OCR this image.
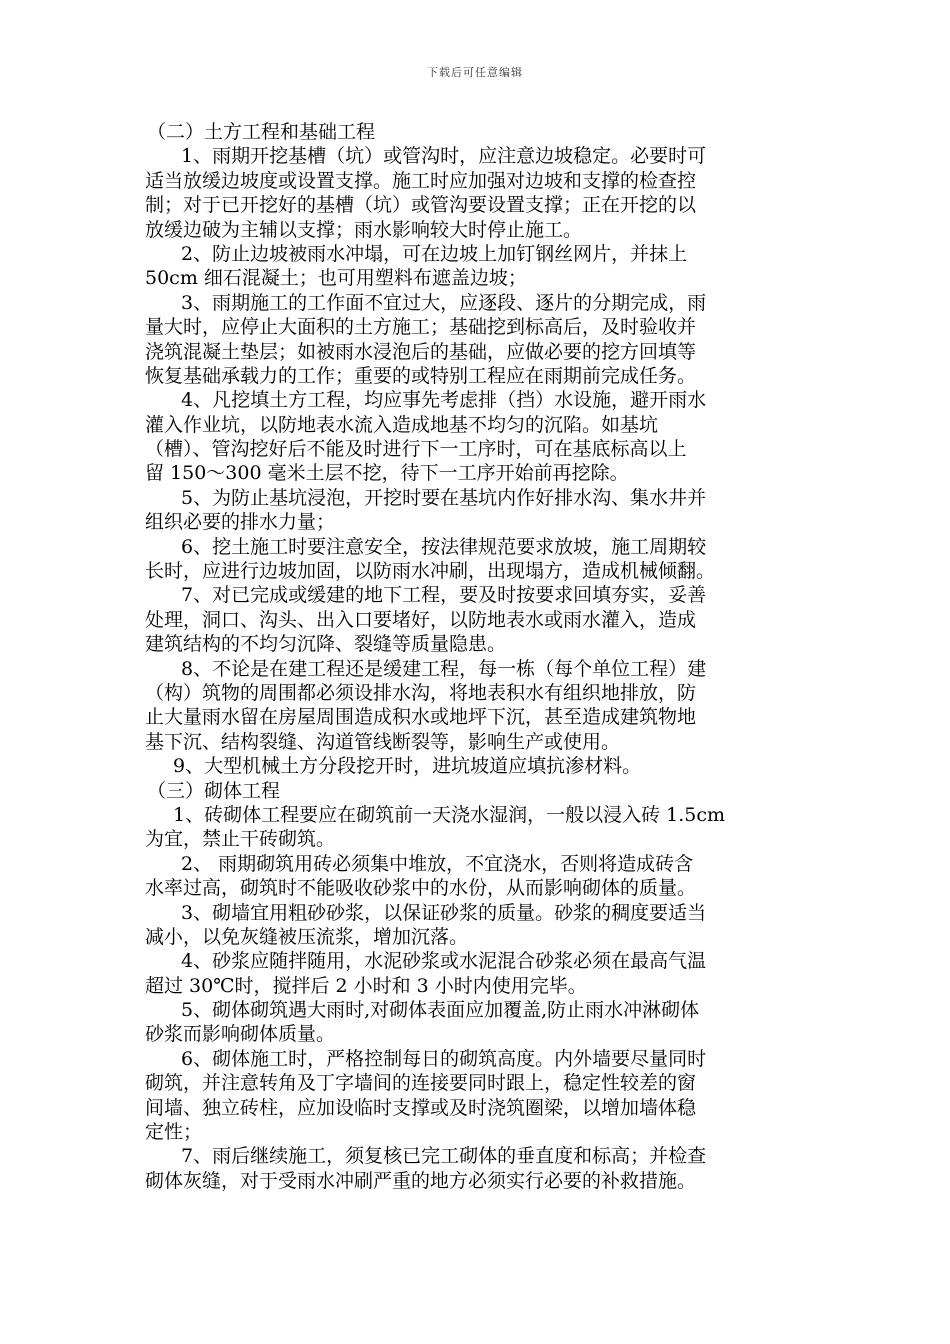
下载后可任意编辑
（二）土方工程和基础工程
1、雨期开挖基槽（坑）或管沟时，应注意边坡稳定。必要时可
适当放缓边坡度或设置支撑。施工时应加强对边坡和支撑的检查控
制；对于已开挖好的基槽（坑）或管沟要设置支撑；正在开挖的以
放缓边破为主辅以支撑；雨水影响较大时停止施工。
2、防止边坡被雨水冲塌，可在边坡上加钉钢丝网片，并抹上
50cm 细石混凝土；也可用塑料布遮盖边坡；
3、雨期施工的工作面不宜过大，应逐段、逐片的分期完成，雨
量大时，应停止大面积的土方施工；基础挖到标高后，及时验收并
浇筑混凝土垫层；如被雨水浸泡后的基础，应做必要的挖方回填等
恢复基础承载力的工作；重要的或特别工程应在雨期前完成任务。
4、凡挖填土方工程，均应事先考虑排（挡）水设施，避开雨水
灌入作业坑，以防地表水流入造成地基不均匀的沉陷。如基坑
（槽）、管沟挖好后不能及时进行下一工序时，可在基底标高以上
留 150～300 毫米土层不挖，待下一工序开始前再挖除。
5、为防止基坑浸泡，开挖时要在基坑内作好排水沟、集水井并
组织必要的排水力量；
6、挖土施工时要注意安全，按法律规范要求放坡，施工周期较
长时，应进行边坡加固，以防雨水冲刷，出现塌方，造成机械倾翻。
7、对已完成或缓建的地下工程，要及时按要求回填夯实，妥善
处理，洞口、沟头、出入口要堵好，以防地表水或雨水灌入，造成
建筑结构的不均匀沉降、裂缝等质量隐患。
8、不论是在建工程还是缓建工程，每一栋（每个单位工程）建
（构）筑物的周围都必须设排水沟，将地表积水有组织地排放，防
止大量雨水留在房屋周围造成积水或地坪下沉，甚至造成建筑物地
基下沉、结构裂缝、沟道管线断裂等，影响生产或使用。
9、大型机械土方分段挖开时，进坑坡道应填抗渗材料。
（三）砌体工程
1、砖砌体工程要应在砌筑前一天浇水湿润，一般以浸入砖 1.5cm
为宜，禁止干砖砌筑。
2、 雨期砌筑用砖必须集中堆放，不宜浇水，否则将造成砖含
水率过高，砌筑时不能吸收砂浆中的水份，从而影响砌体的质量。
3、砌墙宜用粗砂砂浆，以保证砂浆的质量。砂浆的稠度要适当
减小，以免灰缝被压流浆，增加沉落。
4、砂浆应随拌随用，水泥砂浆或水泥混合砂浆必须在最高气温
超过 30℃时，搅拌后 2 小时和 3 小时内使用完毕。
5、砌体砌筑遇大雨时,对砌体表面应加覆盖,防止雨水冲淋砌体
砂浆而影响砌体质量。
6、砌体施工时，严格控制每日的砌筑高度。内外墙要尽量同时
砌筑，并注意转角及丁字墙间的连接要同时跟上，稳定性较差的窗
间墙、独立砖柱，应加设临时支撑或及时浇筑圈梁，以增加墙体稳
定性；
7、雨后继续施工，须复核已完工砌体的垂直度和标高；并检查
砌体灰缝，对于受雨水冲刷严重的地方必须实行必要的补救措施。
